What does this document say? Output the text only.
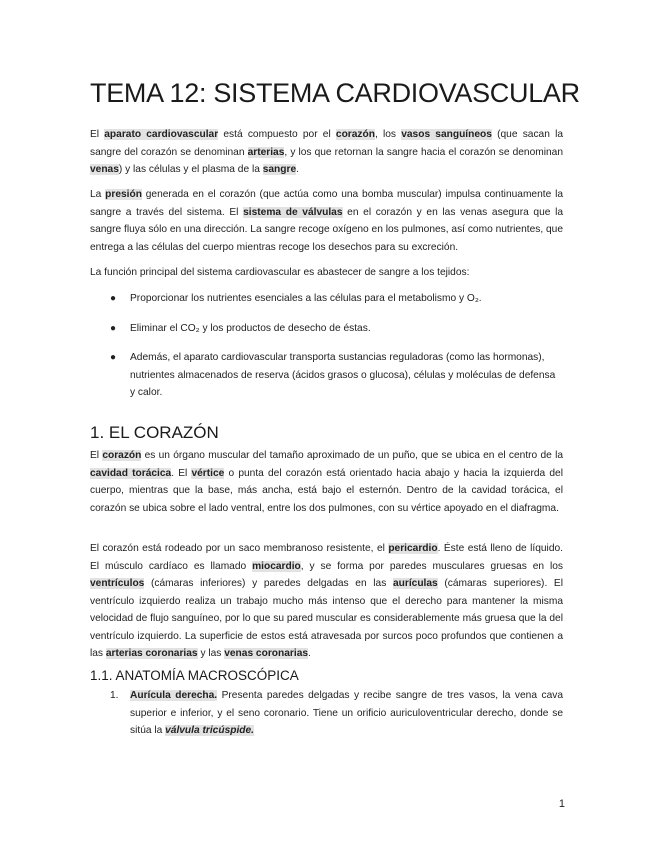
TEMA 12: SISTEMA CARDIOVASCULAR
El aparato cardiovascular está compuesto por el corazón, los vasos sanguíneos (que sacan la sangre del corazón se denominan arterias, y los que retornan la sangre hacia el corazón se denominan venas) y las células y el plasma de la sangre.
La presión generada en el corazón (que actúa como una bomba muscular) impulsa continuamente la sangre a través del sistema. El sistema de válvulas en el corazón y en las venas asegura que la sangre fluya sólo en una dirección. La sangre recoge oxígeno en los pulmones, así como nutrientes, que entrega a las células del cuerpo mientras recoge los desechos para su excreción.
La función principal del sistema cardiovascular es abastecer de sangre a los tejidos:
● Proporcionar los nutrientes esenciales a las células para el metabolismo y O₂.
● Eliminar el CO₂ y los productos de desecho de éstas.
● Además, el aparato cardiovascular transporta sustancias reguladoras (como las hormonas), nutrientes almacenados de reserva (ácidos grasos o glucosa), células y moléculas de defensa y calor.
1. EL CORAZÓN
El corazón es un órgano muscular del tamaño aproximado de un puño, que se ubica en el centro de la cavidad torácica. El vértice o punta del corazón está orientado hacia abajo y hacia la izquierda del cuerpo, mientras que la base, más ancha, está bajo el esternón. Dentro de la cavidad torácica, el corazón se ubica sobre el lado ventral, entre los dos pulmones, con su vértice apoyado en el diafragma.
El corazón está rodeado por un saco membranoso resistente, el pericardio. Éste está lleno de líquido. El músculo cardíaco es llamado miocardio, y se forma por paredes musculares gruesas en los ventrículos (cámaras inferiores) y paredes delgadas en las aurículas (cámaras superiores). El ventrículo izquierdo realiza un trabajo mucho más intenso que el derecho para mantener la misma velocidad de flujo sanguíneo, por lo que su pared muscular es considerablemente más gruesa que la del ventrículo izquierdo. La superficie de estos está atravesada por surcos poco profundos que contienen a las arterias coronarias y las venas coronarias.
1.1. ANATOMÍA MACROSCÓPICA
1. Aurícula derecha. Presenta paredes delgadas y recibe sangre de tres vasos, la vena cava superior e inferior, y el seno coronario. Tiene un orificio auriculoventricular derecho, donde se sitúa la válvula tricúspide.
1
